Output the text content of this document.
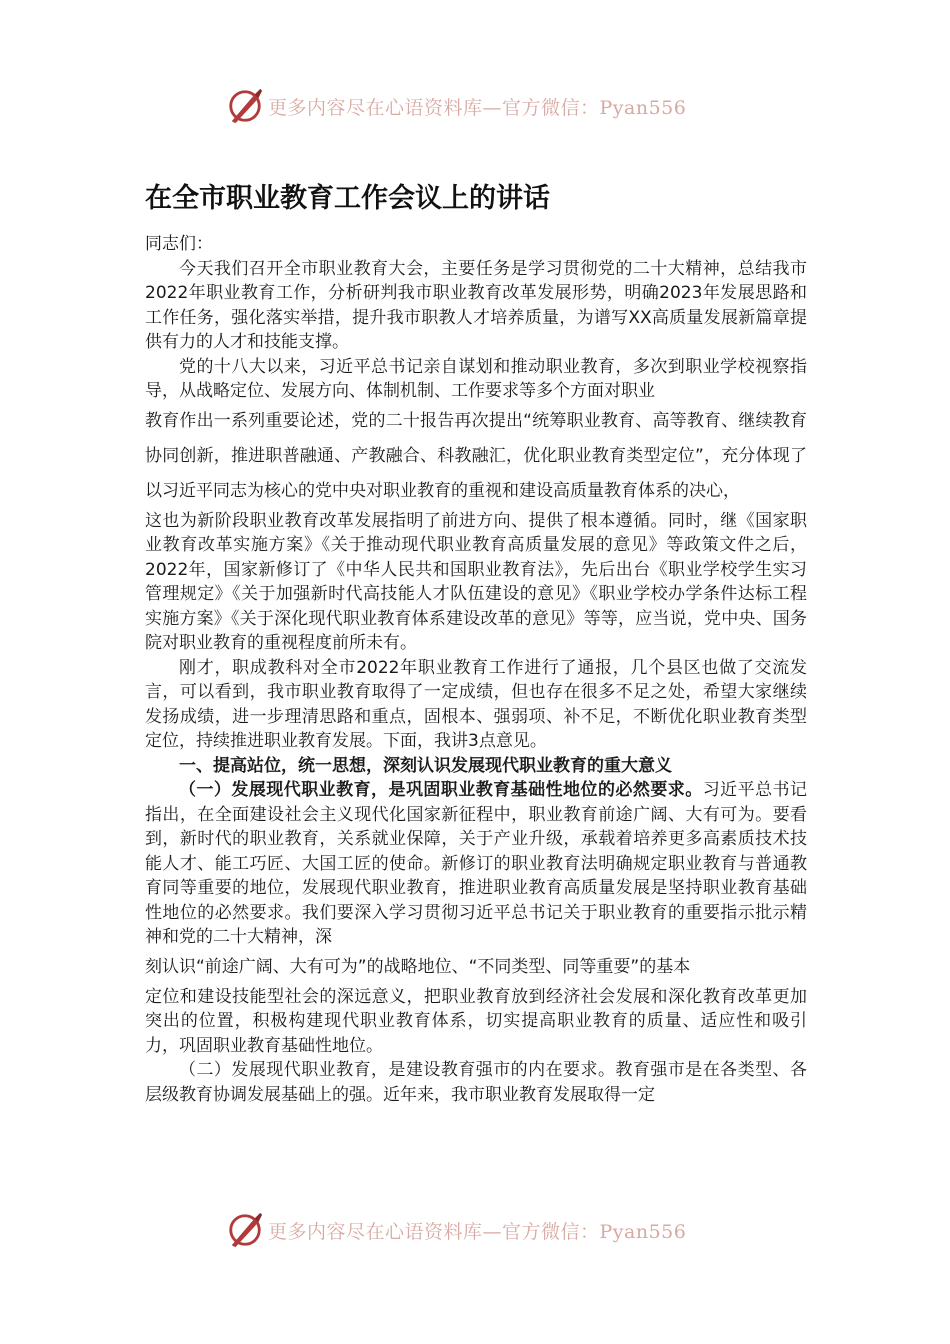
更多内容尽在心语资料库—官方微信：Pyan556
在全市职业教育工作会议上的讲话

同志们：

今天我们召开全市职业教育大会，主要任务是学习贯彻党的二十大精神，总结我市2022年职业教育工作，分析研判我市职业教育改革发展形势，明确2023年发展思路和工作任务，强化落实举措，提升我市职教人才培养质量，为谱写XX高质量发展新篇章提供有力的人才和技能支撑。

党的十八大以来，习近平总书记亲自谋划和推动职业教育，多次到职业学校视察指导，从战略定位、发展方向、体制机制、工作要求等多个方面对职业

教育作出一系列重要论述，党的二十报告再次提出“统筹职业教育、高等教育、继续教育协同创新，推进职普融通、产教融合、科教融汇，优化职业教育类型定位”，充分体现了以习近平同志为核心的党中央对职业教育的重视和建设高质量教育体系的决心，

这也为新阶段职业教育改革发展指明了前进方向、提供了根本遵循。同时，继《国家职业教育改革实施方案》《关于推动现代职业教育高质量发展的意见》等政策文件之后，2022年，国家新修订了《中华人民共和国职业教育法》，先后出台《职业学校学生实习管理规定》《关于加强新时代高技能人才队伍建设的意见》《职业学校办学条件达标工程实施方案》《关于深化现代职业教育体系建设改革的意见》等等，应当说，党中央、国务院对职业教育的重视程度前所未有。

刚才，职成教科对全市2022年职业教育工作进行了通报，几个县区也做了交流发言，可以看到，我市职业教育取得了一定成绩，但也存在很多不足之处，希望大家继续发扬成绩，进一步理清思路和重点，固根本、强弱项、补不足，不断优化职业教育类型定位，持续推进职业教育发展。下面，我讲3点意见。

一、提高站位，统一思想，深刻认识发展现代职业教育的重大意义

（一）发展现代职业教育，是巩固职业教育基础性地位的必然要求。习近平总书记指出，在全面建设社会主义现代化国家新征程中，职业教育前途广阔、大有可为。要看到，新时代的职业教育，关系就业保障，关于产业升级，承载着培养更多高素质技术技能人才、能工巧匠、大国工匠的使命。新修订的职业教育法明确规定职业教育与普通教育同等重要的地位，发展现代职业教育，推进职业教育高质量发展是坚持职业教育基础性地位的必然要求。我们要深入学习贯彻习近平总书记关于职业教育的重要指示批示精神和党的二十大精神，深

刻认识“前途广阔、大有可为”的战略地位、“不同类型、同等重要”的基本

定位和建设技能型社会的深远意义，把职业教育放到经济社会发展和深化教育改革更加突出的位置，积极构建现代职业教育体系，切实提高职业教育的质量、适应性和吸引力，巩固职业教育基础性地位。

（二）发展现代职业教育，是建设教育强市的内在要求。教育强市是在各类型、各层级教育协调发展基础上的强。近年来，我市职业教育发展取得一定

更多内容尽在心语资料库—官方微信：Pyan556
